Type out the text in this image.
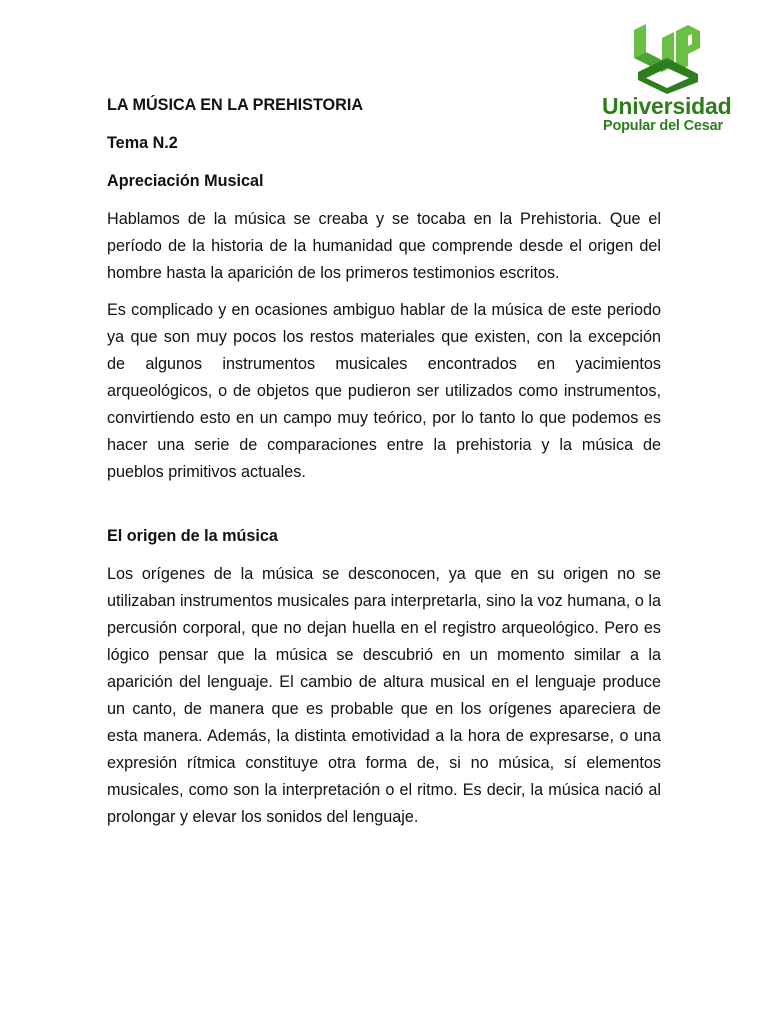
Universidad
Popular del Cesar

LA MÚSICA EN LA PREHISTORIA

Tema N.2

Apreciación Musical

Hablamos de la música se creaba y se tocaba en la Prehistoria. Que el período de la historia de la humanidad que comprende desde el origen del hombre hasta la aparición de los primeros testimonios escritos.

Es complicado y en ocasiones ambiguo hablar de la música de este periodo ya que son muy pocos los restos materiales que existen, con la excepción de algunos instrumentos musicales encontrados en yacimientos arqueológicos, o de objetos que pudieron ser utilizados como instrumentos, convirtiendo esto en un campo muy teórico, por lo tanto lo que podemos es hacer una serie de comparaciones entre la prehistoria y la música de pueblos primitivos actuales.

El origen de la música

Los orígenes de la música se desconocen, ya que en su origen no se utilizaban instrumentos musicales para interpretarla, sino la voz humana, o la percusión corporal, que no dejan huella en el registro arqueológico. Pero es lógico pensar que la música se descubrió en un momento similar a la aparición del lenguaje. El cambio de altura musical en el lenguaje produce un canto, de manera que es probable que en los orígenes apareciera de esta manera. Además, la distinta emotividad a la hora de expresarse, o una expresión rítmica constituye otra forma de, si no música, sí elementos musicales, como son la interpretación o el ritmo. Es decir, la música nació al prolongar y elevar los sonidos del lenguaje.
